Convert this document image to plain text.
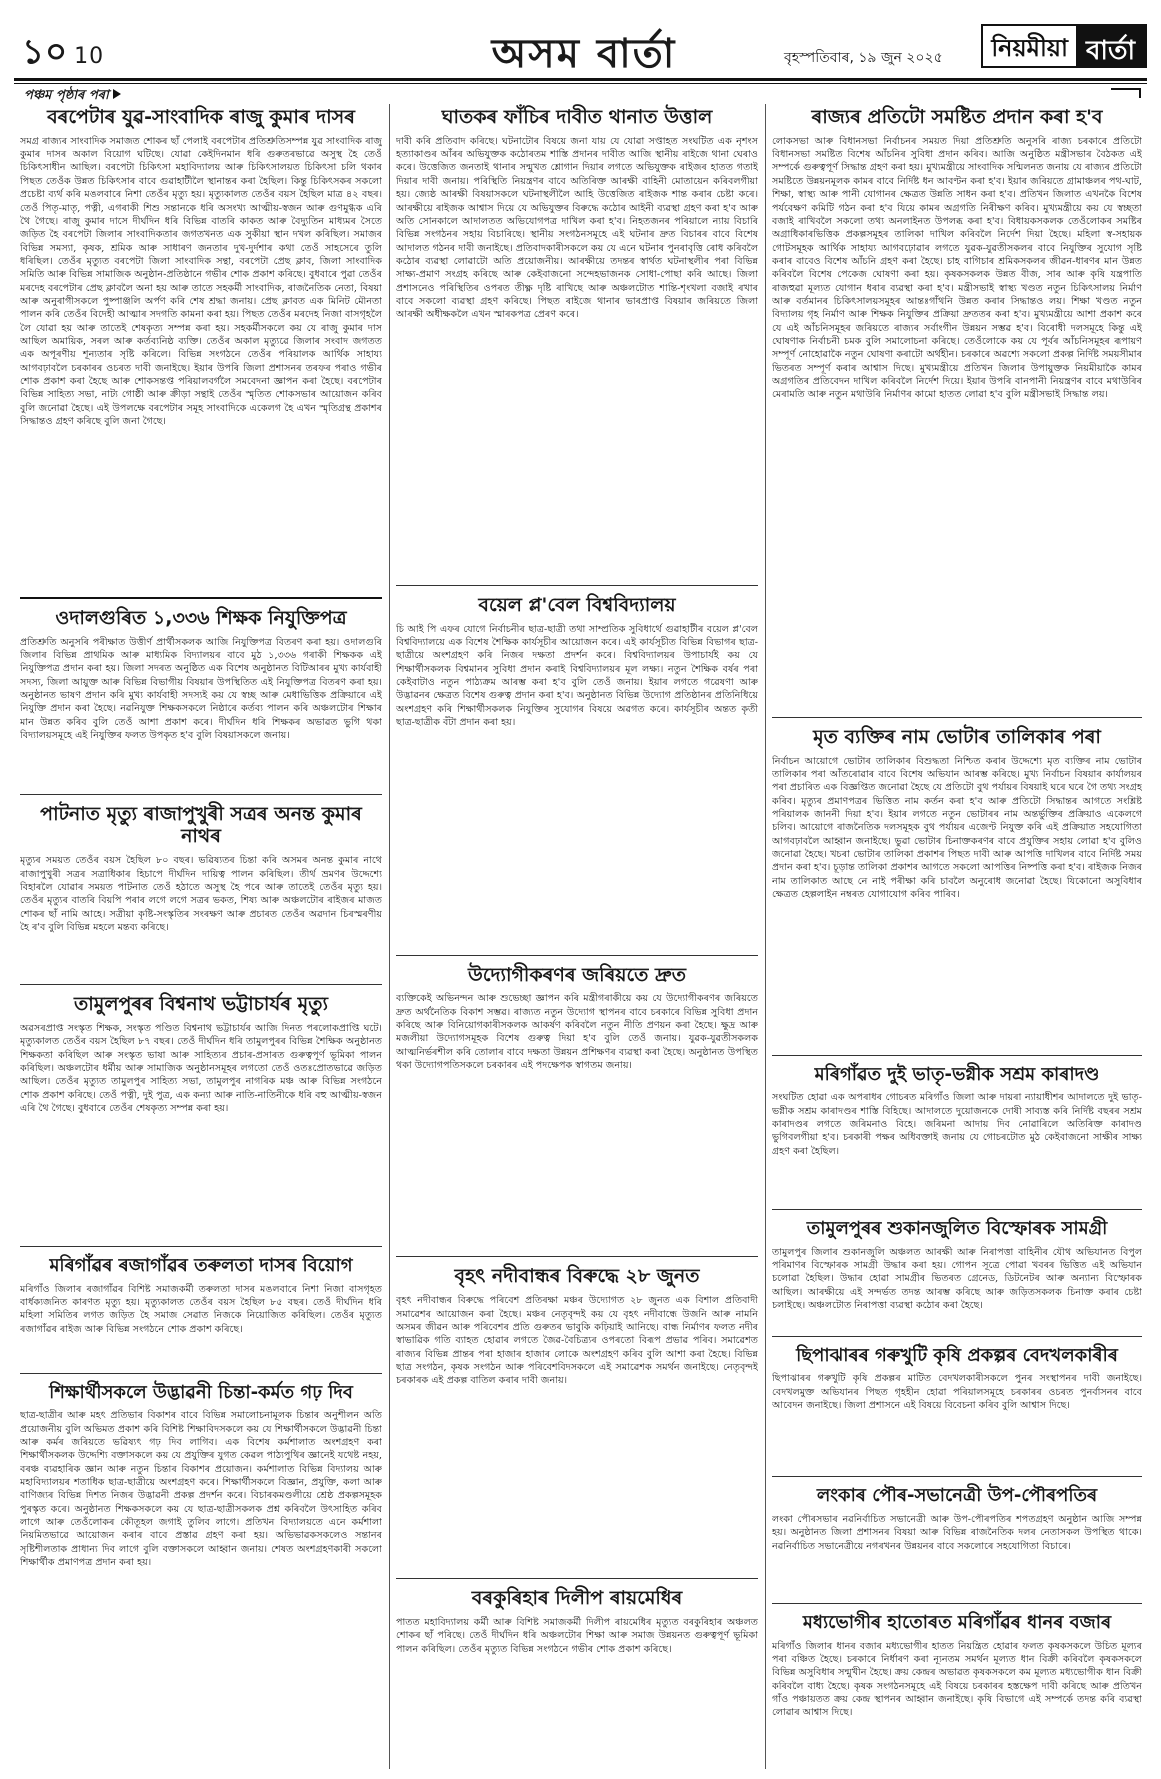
১০ 10	অসম বাৰ্তা	বৃহস্পতিবাৰ, ১৯ জুন ২০২৫	নিয়মীয়া বাৰ্তা
পঞ্চম পৃষ্ঠাৰ পৰা
বৰপেটাৰ যুৱ-সাংবাদিক ৰাজু কুমাৰ দাসৰ
সমগ্ৰ ৰাজ্যৰ সাংবাদিক সমাজত শোকৰ ছাঁ পেলাই বৰপেটাৰ প্ৰতিশ্ৰুতিসম্পন্ন যুৱ সাংবাদিক ৰাজু কুমাৰ দাসৰ অকাল বিয়োগ ঘটিছে। যোৱা কেইদিনমান ধৰি গুৰুতৰভাৱে অসুস্থ হৈ তেওঁ চিকিৎসাধীন আছিল। বৰপেটা চিকিৎসা মহাবিদ্যালয় আৰু চিকিৎসালয়ত চিকিৎসা চলি থকাৰ পিছত তেওঁক উন্নত চিকিৎসাৰ বাবে গুৱাহাটীলৈ স্থানান্তৰ কৰা হৈছিল। কিন্তু চিকিৎসকৰ সকলো প্ৰচেষ্টা ব্যৰ্থ কৰি মঙলবাৰে নিশা তেওঁৰ মৃত্যু হয়। মৃত্যুকালত তেওঁৰ বয়স হৈছিল মাত্ৰ ৪২ বছৰ। তেওঁ পিতৃ-মাতৃ, পত্নী, এগৰাকী শিশু সন্তানকে ধৰি অসংখ্য আত্মীয়-স্বজন আৰু গুণমুগ্ধক এৰি থৈ গৈছে। ৰাজু কুমাৰ দাসে দীৰ্ঘদিন ধৰি বিভিন্ন বাতৰি কাকত আৰু বৈদ্যুতিন মাধ্যমৰ সৈতে জড়িত হৈ বৰপেটা জিলাৰ সাংবাদিকতাৰ জগতখনত এক সুকীয়া স্থান দখল কৰিছিল। সমাজৰ বিভিন্ন সমস্যা, কৃষক, শ্ৰমিক আৰু সাধাৰণ জনতাৰ দুখ-দুৰ্দশাৰ কথা তেওঁ সাহসেৰে তুলি ধৰিছিল। তেওঁৰ মৃত্যুত বৰপেটা জিলা সাংবাদিক সন্থা, বৰপেটা প্ৰেছ ক্লাব, জিলা সাংবাদিক সমিতি আৰু বিভিন্ন সামাজিক অনুষ্ঠান-প্ৰতিষ্ঠানে গভীৰ শোক প্ৰকাশ কৰিছে। বুধবাৰে পুৱা তেওঁৰ মৰদেহ বৰপেটাৰ প্ৰেছ ক্লাবলৈ অনা হয় আৰু তাতে সহকৰ্মী সাংবাদিক, ৰাজনৈতিক নেতা, বিষয়া আৰু অনুৰাগীসকলে পুষ্পাঞ্জলি অৰ্পণ কৰি শেষ শ্ৰদ্ধা জনায়। প্ৰেছ ক্লাবত এক মিনিট মৌনতা পালন কৰি তেওঁৰ বিদেহী আত্মাৰ সদগতি কামনা কৰা হয়। পিছত তেওঁৰ মৰদেহ নিজা বাসগৃহলৈ লৈ যোৱা হয় আৰু তাতেই শেষকৃত্য সম্পন্ন কৰা হয়। সহকৰ্মীসকলে কয় যে ৰাজু কুমাৰ দাস আছিল অমায়িক, সৰল আৰু কৰ্তব্যনিষ্ঠ ব্যক্তি। তেওঁৰ অকাল মৃত্যুৱে জিলাৰ সংবাদ জগতত এক অপূৰণীয় শূন্যতাৰ সৃষ্টি কৰিলে। বিভিন্ন সংগঠনে তেওঁৰ পৰিয়ালক আৰ্থিক সাহায্য আগবঢ়াবলৈ চৰকাৰৰ ওচৰত দাবী জনাইছে। ইয়াৰ উপৰি জিলা প্ৰশাসনৰ তৰফৰ পৰাও গভীৰ শোক প্ৰকাশ কৰা হৈছে আৰু শোকসন্তপ্ত পৰিয়ালবৰ্গলৈ সমবেদনা জ্ঞাপন কৰা হৈছে। বৰপেটাৰ বিভিন্ন সাহিত্য সভা, নাট্য গোষ্ঠী আৰু ক্ৰীড়া সন্থাই তেওঁৰ স্মৃতিত শোকসভাৰ আয়োজন কৰিব বুলি জনোৱা হৈছে। এই উপলক্ষে বৰপেটাৰ সমূহ সাংবাদিকে একেলগ হৈ এখন স্মৃতিগ্ৰন্থ প্ৰকাশৰ সিদ্ধান্তও গ্ৰহণ কৰিছে বুলি জনা গৈছে।
ওদালগুৰিত ১,৩৩৬ শিক্ষক নিযুক্তিপত্ৰ
প্ৰতিশ্ৰুতি অনুসৰি পৰীক্ষাত উত্তীৰ্ণ প্ৰাৰ্থীসকলক আজি নিযুক্তিপত্ৰ বিতৰণ কৰা হয়। ওদালগুৰি জিলাৰ বিভিন্ন প্ৰাথমিক আৰু মাধ্যমিক বিদ্যালয়ৰ বাবে মুঠ ১,৩৩৬ গৰাকী শিক্ষকক এই নিযুক্তিপত্ৰ প্ৰদান কৰা হয়। জিলা সদৰত অনুষ্ঠিত এক বিশেষ অনুষ্ঠানত বিটিআৰৰ মুখ্য কাৰ্যবাহী সদস্য, জিলা আয়ুক্ত আৰু বিভিন্ন বিভাগীয় বিষয়াৰ উপস্থিতিত এই নিযুক্তিপত্ৰ বিতৰণ কৰা হয়। অনুষ্ঠানত ভাষণ প্ৰদান কৰি মুখ্য কাৰ্যবাহী সদস্যই কয় যে স্বচ্ছ আৰু মেধাভিত্তিক প্ৰক্ৰিয়াৰে এই নিযুক্তি প্ৰদান কৰা হৈছে। নৱনিযুক্ত শিক্ষকসকলে নিষ্ঠাৰে কৰ্তব্য পালন কৰি অঞ্চলটোৰ শিক্ষাৰ মান উন্নত কৰিব বুলি তেওঁ আশা প্ৰকাশ কৰে। দীৰ্ঘদিন ধৰি শিক্ষকৰ অভাৱত ভুগি থকা বিদ্যালয়সমূহে এই নিযুক্তিৰ ফলত উপকৃত হ'ব বুলি বিষয়াসকলে জনায়।
পাটনাত মৃত্যু ৰাজাপুখুৰী সত্ৰৰ অনন্ত কুমাৰ নাথৰ
মৃত্যুৰ সময়ত তেওঁৰ বয়স হৈছিল ৮০ বছৰ। ভৱিষ্যতৰ চিন্তা কৰি অসমৰ অনন্ত কুমাৰ নাথে ৰাজাপুখুৰী সত্ৰৰ সত্ৰাধিকাৰ হিচাপে দীৰ্ঘদিন দায়িত্ব পালন কৰিছিল। তীৰ্থ ভ্ৰমণৰ উদ্দেশ্যে বিহাৰলৈ যোৱাৰ সময়ত পাটনাত তেওঁ হঠাতে অসুস্থ হৈ পৰে আৰু তাতেই তেওঁৰ মৃত্যু হয়। তেওঁৰ মৃত্যুৰ বাতৰি বিয়পি পৰাৰ লগে লগে সত্ৰৰ ভকত, শিষ্য আৰু অঞ্চলটোৰ ৰাইজৰ মাজত শোকৰ ছাঁ নামি আহে। সত্ৰীয়া কৃষ্টি-সংস্কৃতিৰ সংৰক্ষণ আৰু প্ৰচাৰত তেওঁৰ অৱদান চিৰস্মৰণীয় হৈ ৰ'ব বুলি বিভিন্ন মহলে মন্তব্য কৰিছে।
তামুলপুৰৰ বিশ্বনাথ ভট্টাচাৰ্যৰ মৃত্যু
অৱসৰপ্ৰাপ্ত সংস্কৃত শিক্ষক, সংস্কৃত পণ্ডিত বিশ্বনাথ ভট্টাচাৰ্যৰ আজি দিনত পৰলোকপ্ৰাপ্তি ঘটে। মৃত্যুকালত তেওঁৰ বয়স হৈছিল ৮৭ বছৰ। তেওঁ দীৰ্ঘদিন ধৰি তামুলপুৰৰ বিভিন্ন শৈক্ষিক অনুষ্ঠানত শিক্ষকতা কৰিছিল আৰু সংস্কৃত ভাষা আৰু সাহিত্যৰ প্ৰচাৰ-প্ৰসাৰত গুৰুত্বপূৰ্ণ ভূমিকা পালন কৰিছিল। অঞ্চলটোৰ ধৰ্মীয় আৰু সামাজিক অনুষ্ঠানসমূহৰ লগতো তেওঁ ওতঃপ্ৰোতভাৱে জড়িত আছিল। তেওঁৰ মৃত্যুত তামুলপুৰ সাহিত্য সভা, তামুলপুৰ নাগৰিক মঞ্চ আৰু বিভিন্ন সংগঠনে শোক প্ৰকাশ কৰিছে। তেওঁ পত্নী, দুই পুত্ৰ, এক কন্যা আৰু নাতি-নাতিনীকে ধৰি বহু আত্মীয়-স্বজন এৰি থৈ গৈছে। বুধবাৰে তেওঁৰ শেষকৃত্য সম্পন্ন কৰা হয়।
মৰিগাঁৱৰ ৰজাগাঁৱৰ তৰুলতা দাসৰ বিয়োগ
মৰিগাঁও জিলাৰ ৰজাগাঁৱৰ বিশিষ্ট সমাজকৰ্মী তৰুলতা দাসৰ মঙলবাৰে নিশা নিজা বাসগৃহত বাৰ্ধক্যজনিত কাৰণত মৃত্যু হয়। মৃত্যুকালত তেওঁৰ বয়স হৈছিল ৮৫ বছৰ। তেওঁ দীৰ্ঘদিন ধৰি মহিলা সমিতিৰ লগত জড়িত হৈ সমাজ সেৱাত নিজকে নিয়োজিত কৰিছিল। তেওঁৰ মৃত্যুত ৰজাগাঁৱৰ ৰাইজ আৰু বিভিন্ন সংগঠনে শোক প্ৰকাশ কৰিছে।
শিক্ষাৰ্থীসকলে উদ্ভাৱনী চিন্তা-কৰ্মত গঢ় দিব
ছাত্ৰ-ছাত্ৰীৰ আৰু মহৎ প্ৰতিভাৰ বিকাশৰ বাবে বিভিন্ন সমালোচনামূলক চিন্তাৰ অনুশীলন অতি প্ৰয়োজনীয় বুলি অভিমত প্ৰকাশ কৰি বিশিষ্ট শিক্ষাবিদসকলে কয় যে শিক্ষাৰ্থীসকলে উদ্ভাৱনী চিন্তা আৰু কৰ্মৰ জৰিয়তে ভৱিষ্যৎ গঢ় দিব লাগিব। এক বিশেষ কৰ্মশালাত অংশগ্ৰহণ কৰা শিক্ষাৰ্থীসকলক উদ্দেশ্যি বক্তাসকলে কয় যে প্ৰযুক্তিৰ যুগত কেৱল পাঠ্যপুথিৰ জ্ঞানেই যথেষ্ট নহয়, বৰঞ্চ ব্যৱহাৰিক জ্ঞান আৰু নতুন চিন্তাৰ বিকাশৰ প্ৰয়োজন। কৰ্মশালাত বিভিন্ন বিদ্যালয় আৰু মহাবিদ্যালয়ৰ শতাধিক ছাত্ৰ-ছাত্ৰীয়ে অংশগ্ৰহণ কৰে। শিক্ষাৰ্থীসকলে বিজ্ঞান, প্ৰযুক্তি, কলা আৰু বাণিজ্যৰ বিভিন্ন দিশত নিজৰ উদ্ভাৱনী প্ৰকল্প প্ৰদৰ্শন কৰে। বিচাৰকমণ্ডলীয়ে শ্ৰেষ্ঠ প্ৰকল্পসমূহক পুৰস্কৃত কৰে। অনুষ্ঠানত শিক্ষকসকলে কয় যে ছাত্ৰ-ছাত্ৰীসকলক প্ৰশ্ন কৰিবলৈ উৎসাহিত কৰিব লাগে আৰু তেওঁলোকৰ কৌতূহল জগাই তুলিব লাগে। প্ৰতিখন বিদ্যালয়তে এনে কৰ্মশালা নিয়মিতভাৱে আয়োজন কৰাৰ বাবে প্ৰস্তাৱ গ্ৰহণ কৰা হয়। অভিভাৱকসকলেও সন্তানৰ সৃষ্টিশীলতাক প্ৰাধান্য দিব লাগে বুলি বক্তাসকলে আহ্বান জনায়। শেষত অংশগ্ৰহণকাৰী সকলো শিক্ষাৰ্থীক প্ৰমাণপত্ৰ প্ৰদান কৰা হয়।
ঘাতকৰ ফাঁচিৰ দাবীত থানাত উত্তাল
দাবী কৰি প্ৰতিবাদ কৰিছে। ঘটনাটোৰ বিষয়ে জনা যায় যে যোৱা সপ্তাহত সংঘটিত এক নৃশংস হত্যাকাণ্ডৰ আঁৰৰ অভিযুক্তক কঠোৰতম শাস্তি প্ৰদানৰ দাবীত আজি স্থানীয় ৰাইজে থানা ঘেৰাও কৰে। উত্তেজিত জনতাই থানাৰ সন্মুখত শ্লোগান দিয়াৰ লগতে অভিযুক্তক ৰাইজৰ হাতত গতাই দিয়াৰ দাবী জনায়। পৰিস্থিতি নিয়ন্ত্ৰণৰ বাবে অতিৰিক্ত আৰক্ষী বাহিনী মোতায়েন কৰিবলগীয়া হয়। জ্যেষ্ঠ আৰক্ষী বিষয়াসকলে ঘটনাস্থলীলৈ আহি উত্তেজিত ৰাইজক শান্ত কৰাৰ চেষ্টা কৰে। আৰক্ষীয়ে ৰাইজক আশ্বাস দিয়ে যে অভিযুক্তৰ বিৰুদ্ধে কঠোৰ আইনী ব্যৱস্থা গ্ৰহণ কৰা হ'ব আৰু অতি সোনকালে আদালতত অভিযোগপত্ৰ দাখিল কৰা হ'ব। নিহতজনৰ পৰিয়ালে ন্যায় বিচাৰি বিভিন্ন সংগঠনৰ সহায় বিচাৰিছে। স্থানীয় সংগঠনসমূহে এই ঘটনাৰ দ্ৰুত বিচাৰৰ বাবে বিশেষ আদালত গঠনৰ দাবী জনাইছে। প্ৰতিবাদকাৰীসকলে কয় যে এনে ঘটনাৰ পুনৰাবৃত্তি ৰোধ কৰিবলৈ কঠোৰ ব্যৱস্থা লোৱাটো অতি প্ৰয়োজনীয়। আৰক্ষীয়ে তদন্তৰ স্বাৰ্থত ঘটনাস্থলীৰ পৰা বিভিন্ন সাক্ষ্য-প্ৰমাণ সংগ্ৰহ কৰিছে আৰু কেইবাজনো সন্দেহভাজনক সোধা-পোছা কৰি আছে। জিলা প্ৰশাসনেও পৰিস্থিতিৰ ওপৰত তীক্ষ্ণ দৃষ্টি ৰাখিছে আৰু অঞ্চলটোত শান্তি-শৃংখলা বজাই ৰখাৰ বাবে সকলো ব্যৱস্থা গ্ৰহণ কৰিছে। পিছত ৰাইজে থানাৰ ভাৰপ্ৰাপ্ত বিষয়াৰ জৰিয়তে জিলা আৰক্ষী অধীক্ষকলৈ এখন স্মাৰকপত্ৰ প্ৰেৰণ কৰে।
বয়েল প্ল'বেল বিশ্ববিদ্যালয়
চি আই পি এফৰ যোগে নিৰ্বাচনীৰ ছাত্ৰ-ছাত্ৰী তথা সাম্প্ৰতিক সুবিধাৰ্থে গুৱাহাটীৰ বয়েল প্ল'বেল বিশ্ববিদ্যালয়ে এক বিশেষ শৈক্ষিক কাৰ্যসূচীৰ আয়োজন কৰে। এই কাৰ্যসূচীত বিভিন্ন বিভাগৰ ছাত্ৰ-ছাত্ৰীয়ে অংশগ্ৰহণ কৰি নিজৰ দক্ষতা প্ৰদৰ্শন কৰে। বিশ্ববিদ্যালয়ৰ উপাচাৰ্যই কয় যে শিক্ষাৰ্থীসকলক বিশ্বমানৰ সুবিধা প্ৰদান কৰাই বিশ্ববিদ্যালয়ৰ মূল লক্ষ্য। নতুন শৈক্ষিক বৰ্ষৰ পৰা কেইবাটাও নতুন পাঠ্যক্ৰম আৰম্ভ কৰা হ'ব বুলি তেওঁ জনায়। ইয়াৰ লগতে গৱেষণা আৰু উদ্ভাৱনৰ ক্ষেত্ৰত বিশেষ গুৰুত্ব প্ৰদান কৰা হ'ব। অনুষ্ঠানত বিভিন্ন উদ্যোগ প্ৰতিষ্ঠানৰ প্ৰতিনিধিয়ে অংশগ্ৰহণ কৰি শিক্ষাৰ্থীসকলক নিযুক্তিৰ সুযোগৰ বিষয়ে অৱগত কৰে। কাৰ্যসূচীৰ অন্তত কৃতী ছাত্ৰ-ছাত্ৰীক বঁটা প্ৰদান কৰা হয়।
উদ্যোগীকৰণৰ জৰিয়তে দ্ৰুত
ব্যক্তিকেই অভিনন্দন আৰু শুভেচ্ছা জ্ঞাপন কৰি মন্ত্ৰীগৰাকীয়ে কয় যে উদ্যোগীকৰণৰ জৰিয়তে দ্ৰুত অৰ্থনৈতিক বিকাশ সম্ভৱ। ৰাজ্যত নতুন উদ্যোগ স্থাপনৰ বাবে চৰকাৰে বিভিন্ন সুবিধা প্ৰদান কৰিছে আৰু বিনিয়োগকাৰীসকলক আকৰ্ষণ কৰিবলৈ নতুন নীতি প্ৰণয়ন কৰা হৈছে। ক্ষুদ্ৰ আৰু মজলীয়া উদ্যোগসমূহক বিশেষ গুৰুত্ব দিয়া হ'ব বুলি তেওঁ জনায়। যুৱক-যুৱতীসকলক আত্মনিৰ্ভৰশীল কৰি তোলাৰ বাবে দক্ষতা উন্নয়ন প্ৰশিক্ষণৰ ব্যৱস্থা কৰা হৈছে। অনুষ্ঠানত উপস্থিত থকা উদ্যোগপতিসকলে চৰকাৰৰ এই পদক্ষেপক স্বাগতম জনায়।
বৃহৎ নদীবান্ধৰ বিৰুদ্ধে ২৮ জুনত
বৃহৎ নদীবান্ধৰ বিৰুদ্ধে পৰিবেশ প্ৰতিৰক্ষা মঞ্চৰ উদ্যোগত ২৮ জুনত এক বিশাল প্ৰতিবাদী সমাৱেশৰ আয়োজন কৰা হৈছে। মঞ্চৰ নেতৃবৃন্দই কয় যে বৃহৎ নদীবান্ধে উজনি আৰু নামনি অসমৰ জীৱন আৰু পৰিবেশৰ প্ৰতি গুৰুতৰ ভাবুকি কঢ়িয়াই আনিছে। বান্ধ নিৰ্মাণৰ ফলত নদীৰ স্বাভাৱিক গতি ব্যাহত হোৱাৰ লগতে জৈৱ-বৈচিত্ৰ্যৰ ওপৰতো বিৰূপ প্ৰভাৱ পৰিব। সমাৱেশত ৰাজ্যৰ বিভিন্ন প্ৰান্তৰ পৰা হাজাৰ হাজাৰ লোকে অংশগ্ৰহণ কৰিব বুলি আশা কৰা হৈছে। বিভিন্ন ছাত্ৰ সংগঠন, কৃষক সংগঠন আৰু পৰিবেশবিদসকলে এই সমাৱেশক সমৰ্থন জনাইছে। নেতৃবৃন্দই চৰকাৰক এই প্ৰকল্প বাতিল কৰাৰ দাবী জনায়।
বৰকুৰিহাৰ দিলীপ ৰায়মেধিৰ
পাতত মহাবিদ্যালয় কৰ্মী আৰু বিশিষ্ট সমাজকৰ্মী দিলীপ ৰায়মেধিৰ মৃত্যুত বৰকুৰিহাৰ অঞ্চলত শোকৰ ছাঁ পৰিছে। তেওঁ দীৰ্ঘদিন ধৰি অঞ্চলটোৰ শিক্ষা আৰু সমাজ উন্নয়নত গুৰুত্বপূৰ্ণ ভূমিকা পালন কৰিছিল। তেওঁৰ মৃত্যুত বিভিন্ন সংগঠনে গভীৰ শোক প্ৰকাশ কৰিছে।
ৰাজ্যৰ প্ৰতিটো সমষ্টিত প্ৰদান কৰা হ'ব
লোকসভা আৰু বিধানসভা নিৰ্বাচনৰ সময়ত দিয়া প্ৰতিশ্ৰুতি অনুসৰি ৰাজ্য চৰকাৰে প্ৰতিটো বিধানসভা সমষ্টিত বিশেষ আঁচনিৰ সুবিধা প্ৰদান কৰিব। আজি অনুষ্ঠিত মন্ত্ৰীসভাৰ বৈঠকত এই সম্পৰ্কে গুৰুত্বপূৰ্ণ সিদ্ধান্ত গ্ৰহণ কৰা হয়। মুখ্যমন্ত্ৰীয়ে সাংবাদিক সন্মিলনত জনায় যে ৰাজ্যৰ প্ৰতিটো সমষ্টিতে উন্নয়নমূলক কামৰ বাবে নিৰ্দিষ্ট ধন আবণ্টন কৰা হ'ব। ইয়াৰ জৰিয়তে গ্ৰামাঞ্চলৰ পথ-ঘাট, শিক্ষা, স্বাস্থ্য আৰু পানী যোগানৰ ক্ষেত্ৰত উন্নতি সাধন কৰা হ'ব। প্ৰতিখন জিলাত এখনকৈ বিশেষ পৰ্যবেক্ষণ কমিটি গঠন কৰা হ'ব যিয়ে কামৰ অগ্ৰগতি নিৰীক্ষণ কৰিব। মুখ্যমন্ত্ৰীয়ে কয় যে স্বচ্ছতা বজাই ৰাখিবলৈ সকলো তথ্য অনলাইনত উপলব্ধ কৰা হ'ব। বিধায়কসকলক তেওঁলোকৰ সমষ্টিৰ অগ্ৰাধিকাৰভিত্তিক প্ৰকল্পসমূহৰ তালিকা দাখিল কৰিবলৈ নিৰ্দেশ দিয়া হৈছে। মহিলা স্ব-সহায়ক গোটসমূহক আৰ্থিক সাহায্য আগবঢ়োৱাৰ লগতে যুৱক-যুৱতীসকলৰ বাবে নিযুক্তিৰ সুযোগ সৃষ্টি কৰাৰ বাবেও বিশেষ আঁচনি গ্ৰহণ কৰা হৈছে। চাহ বাগিচাৰ শ্ৰমিকসকলৰ জীৱন-ধাৰণৰ মান উন্নত কৰিবলৈ বিশেষ পেকেজ ঘোষণা কৰা হয়। কৃষকসকলক উন্নত বীজ, সাৰ আৰু কৃষি যন্ত্ৰপাতি ৰাজহুৱা মূল্যত যোগান ধৰাৰ ব্যৱস্থা কৰা হ'ব। মন্ত্ৰীসভাই স্বাস্থ্য খণ্ডত নতুন চিকিৎসালয় নিৰ্মাণ আৰু বৰ্তমানৰ চিকিৎসালয়সমূহৰ আন্তঃগাঁথনি উন্নত কৰাৰ সিদ্ধান্তও লয়। শিক্ষা খণ্ডত নতুন বিদ্যালয় গৃহ নিৰ্মাণ আৰু শিক্ষক নিযুক্তিৰ প্ৰক্ৰিয়া দ্ৰুততৰ কৰা হ'ব। মুখ্যমন্ত্ৰীয়ে আশা প্ৰকাশ কৰে যে এই আঁচনিসমূহৰ জৰিয়তে ৰাজ্যৰ সৰ্বাংগীন উন্নয়ন সম্ভৱ হ'ব। বিৰোধী দলসমূহে কিন্তু এই ঘোষণাক নিৰ্বাচনী চমক বুলি সমালোচনা কৰিছে। তেওঁলোকে কয় যে পূৰ্বৰ আঁচনিসমূহৰ ৰূপায়ণ সম্পূৰ্ণ নোহোৱাকৈ নতুন ঘোষণা কৰাটো অৰ্থহীন। চৰকাৰে অৱশ্যে সকলো প্ৰকল্প নিৰ্দিষ্ট সময়সীমাৰ ভিতৰত সম্পূৰ্ণ কৰাৰ আশ্বাস দিছে। মুখ্যমন্ত্ৰীয়ে প্ৰতিখন জিলাৰ উপায়ুক্তক নিয়মীয়াকৈ কামৰ অগ্ৰগতিৰ প্ৰতিবেদন দাখিল কৰিবলৈ নিৰ্দেশ দিয়ে। ইয়াৰ উপৰি বানপানী নিয়ন্ত্ৰণৰ বাবে মথাউৰিৰ মেৰামতি আৰু নতুন মথাউৰি নিৰ্মাণৰ কামো হাতত লোৱা হ'ব বুলি মন্ত্ৰীসভাই সিদ্ধান্ত লয়।
মৃত ব্যক্তিৰ নাম ভোটাৰ তালিকাৰ পৰা
নিৰ্বাচন আয়োগে ভোটাৰ তালিকাৰ বিশুদ্ধতা নিশ্চিত কৰাৰ উদ্দেশ্যে মৃত ব্যক্তিৰ নাম ভোটাৰ তালিকাৰ পৰা আঁতৰোৱাৰ বাবে বিশেষ অভিযান আৰম্ভ কৰিছে। মুখ্য নিৰ্বাচন বিষয়াৰ কাৰ্যালয়ৰ পৰা প্ৰচাৰিত এক বিজ্ঞপ্তিত জনোৱা হৈছে যে প্ৰতিটো বুথ পৰ্যায়ৰ বিষয়াই ঘৰে ঘৰে গৈ তথ্য সংগ্ৰহ কৰিব। মৃত্যুৰ প্ৰমাণপত্ৰৰ ভিত্তিত নাম কৰ্তন কৰা হ'ব আৰু প্ৰতিটো সিদ্ধান্তৰ আগতে সংশ্লিষ্ট পৰিয়ালক জাননী দিয়া হ'ব। ইয়াৰ লগতে নতুন ভোটাৰৰ নাম অন্তৰ্ভুক্তিৰ প্ৰক্ৰিয়াও একেলগে চলিব। আয়োগে ৰাজনৈতিক দলসমূহক বুথ পৰ্যায়ৰ এজেণ্ট নিযুক্ত কৰি এই প্ৰক্ৰিয়াত সহযোগিতা আগবঢ়াবলৈ আহ্বান জনাইছে। ভুৱা ভোটাৰ চিনাক্তকৰণৰ বাবে প্ৰযুক্তিৰ সহায় লোৱা হ'ব বুলিও জনোৱা হৈছে। খচৰা ভোটাৰ তালিকা প্ৰকাশৰ পিছত দাবী আৰু আপত্তি দাখিলৰ বাবে নিৰ্দিষ্ট সময় প্ৰদান কৰা হ'ব। চূড়ান্ত তালিকা প্ৰকাশৰ আগতে সকলো আপত্তিৰ নিষ্পত্তি কৰা হ'ব। ৰাইজক নিজৰ নাম তালিকাত আছে নে নাই পৰীক্ষা কৰি চাবলৈ অনুৰোধ জনোৱা হৈছে। যিকোনো অসুবিধাৰ ক্ষেত্ৰত হেল্পলাইন নম্বৰত যোগাযোগ কৰিব পাৰিব।
মৰিগাঁৱত দুই ভাতৃ-ভগ্নীক সশ্ৰম কাৰাদণ্ড
সংঘটিত হোৱা এক অপৰাধৰ গোচৰত মৰিগাঁও জিলা আৰু দায়ৰা ন্যায়াধীশৰ আদালতে দুই ভাতৃ-ভগ্নীক সশ্ৰম কাৰাদণ্ডৰ শাস্তি বিহিছে। আদালতে দুয়োজনকে দোষী সাব্যস্ত কৰি নিৰ্দিষ্ট বছৰৰ সশ্ৰম কাৰাদণ্ডৰ লগতে জৰিমনাও বিহে। জৰিমনা আদায় দিব নোৱাৰিলে অতিৰিক্ত কাৰাদণ্ড ভুগিবলগীয়া হ'ব। চৰকাৰী পক্ষৰ অধিবক্তাই জনায় যে গোচৰটোত মুঠ কেইবাজনো সাক্ষীৰ সাক্ষ্য গ্ৰহণ কৰা হৈছিল।
তামুলপুৰৰ শুকানজুলিত বিস্ফোৰক সামগ্ৰী
তামুলপুৰ জিলাৰ শুকানজুলি অঞ্চলত আৰক্ষী আৰু নিৰাপত্তা বাহিনীৰ যৌথ অভিযানত বিপুল পৰিমাণৰ বিস্ফোৰক সামগ্ৰী উদ্ধাৰ কৰা হয়। গোপন সূত্ৰে পোৱা খবৰৰ ভিত্তিত এই অভিযান চলোৱা হৈছিল। উদ্ধাৰ হোৱা সামগ্ৰীৰ ভিতৰত গ্ৰেনেড, ডিটনেটৰ আৰু অন্যান্য বিস্ফোৰক আছিল। আৰক্ষীয়ে এই সন্দৰ্ভত তদন্ত আৰম্ভ কৰিছে আৰু জড়িতসকলক চিনাক্ত কৰাৰ চেষ্টা চলাইছে। অঞ্চলটোত নিৰাপত্তা ব্যৱস্থা কঠোৰ কৰা হৈছে।
ছিপাঝাৰৰ গৰুখুটি কৃষি প্ৰকল্পৰ বেদখলকাৰীৰ
ছিপাঝাৰৰ গৰুখুটি কৃষি প্ৰকল্পৰ মাটিত বেদখলকাৰীসকলে পুনৰ সংস্থাপনৰ দাবী জনাইছে। বেদখলমুক্ত অভিযানৰ পিছত গৃহহীন হোৱা পৰিয়ালসমূহে চৰকাৰৰ ওচৰত পুনৰ্বাসনৰ বাবে আবেদন জনাইছে। জিলা প্ৰশাসনে এই বিষয়ে বিবেচনা কৰিব বুলি আশ্বাস দিছে।
লংকাৰ পৌৰ-সভানেত্ৰী উপ-পৌৰপতিৰ
লংকা পৌৰসভাৰ নৱনিৰ্বাচিত সভানেত্ৰী আৰু উপ-পৌৰপতিৰ শপতগ্ৰহণ অনুষ্ঠান আজি সম্পন্ন হয়। অনুষ্ঠানত জিলা প্ৰশাসনৰ বিষয়া আৰু বিভিন্ন ৰাজনৈতিক দলৰ নেতাসকল উপস্থিত থাকে। নৱনিৰ্বাচিত সভানেত্ৰীয়ে নগৰখনৰ উন্নয়নৰ বাবে সকলোৰে সহযোগিতা বিচাৰে।
মধ্যভোগীৰ হাতোৰত মৰিগাঁৱৰ ধানৰ বজাৰ
মৰিগাঁও জিলাৰ ধানৰ বজাৰ মধ্যভোগীৰ হাতত নিয়ন্ত্ৰিত হোৱাৰ ফলত কৃষকসকলে উচিত মূল্যৰ পৰা বঞ্চিত হৈছে। চৰকাৰে নিৰ্ধাৰণ কৰা ন্যূনতম সমৰ্থন মূল্যত ধান বিক্ৰী কৰিবলৈ কৃষকসকলে বিভিন্ন অসুবিধাৰ সন্মুখীন হৈছে। ক্ৰয় কেন্দ্ৰৰ অভাৱত কৃষকসকলে কম মূল্যত মধ্যভোগীক ধান বিক্ৰী কৰিবলৈ বাধ্য হৈছে। কৃষক সংগঠনসমূহে এই বিষয়ে চৰকাৰৰ হস্তক্ষেপ দাবী কৰিছে আৰু প্ৰতিখন গাঁও পঞ্চায়তত ক্ৰয় কেন্দ্ৰ স্থাপনৰ আহ্বান জনাইছে। কৃষি বিভাগে এই সম্পৰ্কে তদন্ত কৰি ব্যৱস্থা লোৱাৰ আশ্বাস দিছে।
